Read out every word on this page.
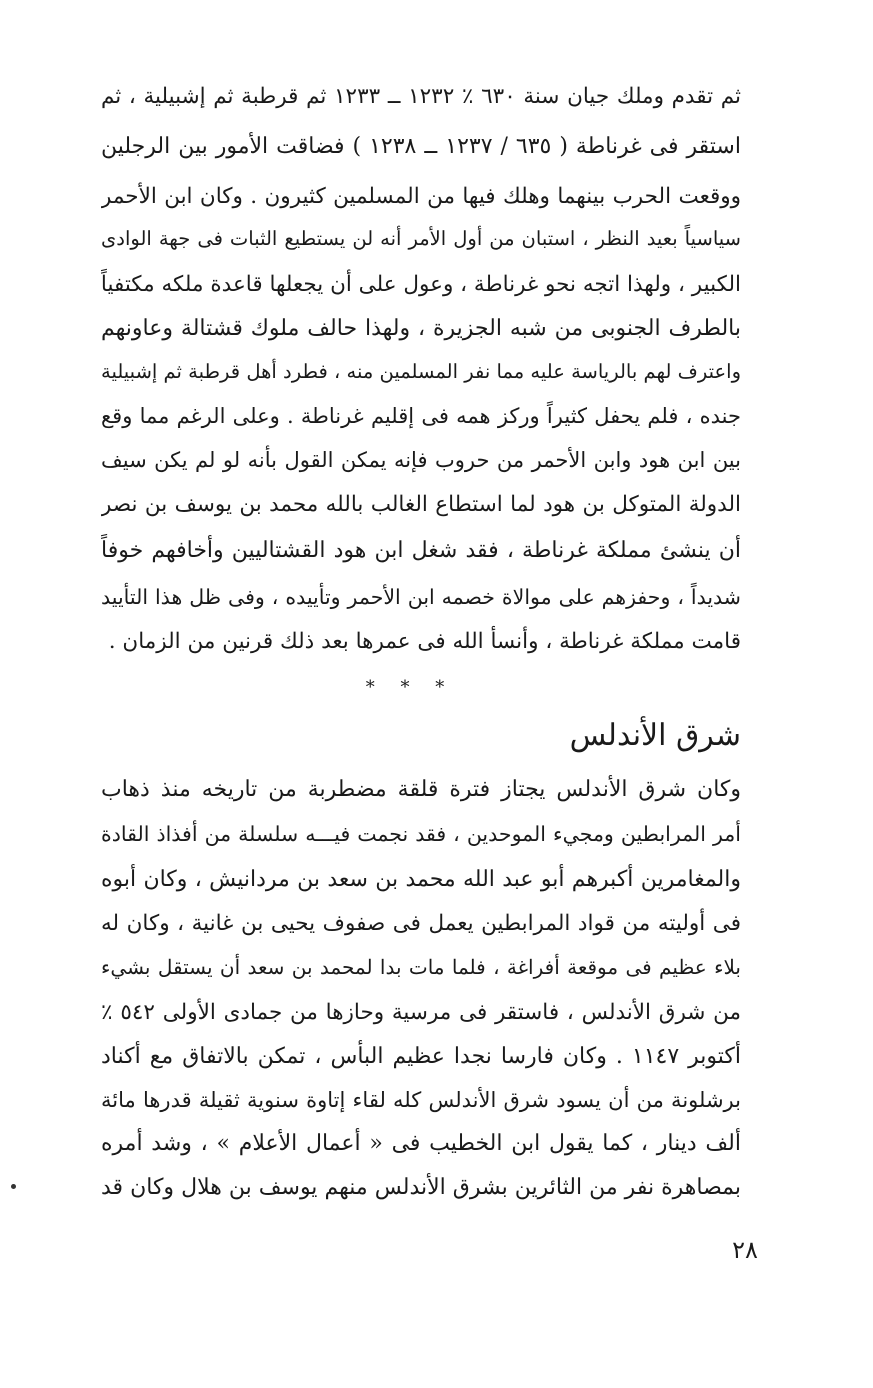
ثم تقدم وملك جيان سنة ٦٣٠ ٪ ١٢٣٢ ــ ١٢٣٣ ثم قرطبة ثم إشبيلية ، ثم
استقر فى غرناطة ( ٦٣٥ / ١٢٣٧ ــ ١٢٣٨ ) فضاقت الأمور بين الرجلين
ووقعت الحرب بينهما وهلك فيها من المسلمين كثيرون . وكان ابن الأحمر
سياسياً بعيد النظر ، استبان من أول الأمر أنه لن يستطيع الثبات فى جهة الوادى
الكبير ، ولهذا اتجه نحو غرناطة ، وعول على أن يجعلها قاعدة ملكه مكتفياً
بالطرف الجنوبى من شبه الجزيرة ، ولهذا حالف ملوك قشتالة وعاونهم
واعترف لهم بالرياسة عليه مما نفر المسلمين منه ، فطرد أهل قرطبة ثم إشبيلية
جنده ، فلم يحفل كثيراً وركز همه فى إقليم غرناطة . وعلى الرغم مما وقع
بين ابن هود وابن الأحمر من حروب فإنه يمكن القول بأنه لو لم يكن سيف
الدولة المتوكل بن هود لما استطاع الغالب بالله محمد بن يوسف بن نصر
أن ينشئ مملكة غرناطة ، فقد شغل ابن هود القشتاليين وأخافهم خوفاً
شديداً ، وحفزهم على موالاة خصمه ابن الأحمر وتأييده ، وفى ظل هذا التأييد
قامت مملكة غرناطة ، وأنسأ الله فى عمرها بعد ذلك قرنين من الزمان .
* * *
شرق الأندلس
وكان شرق الأندلس يجتاز فترة قلقة مضطربة من تاريخه منذ ذهاب
أمر المرابطين ومجيء الموحدين ، فقد نجمت فيـــه سلسلة من أفذاذ القادة
والمغامرين أكبرهم أبو عبد الله محمد بن سعد بن مردانيش ، وكان أبوه
فى أوليته من قواد المرابطين يعمل فى صفوف يحيى بن غانية ، وكان له
بلاء عظيم فى موقعة أفراغة ، فلما مات بدا لمحمد بن سعد أن يستقل بشيء
من شرق الأندلس ، فاستقر فى مرسية وحازها من جمادى الأولى ٥٤٢ ٪
أكتوبر ١١٤٧ . وكان فارسا نجدا عظيم البأس ، تمكن بالاتفاق مع أكناد
برشلونة من أن يسود شرق الأندلس كله لقاء إتاوة سنوية ثقيلة قدرها مائة
ألف دينار ، كما يقول ابن الخطيب فى « أعمال الأعلام » ، وشد أمره
بمصاهرة نفر من الثائرين بشرق الأندلس منهم يوسف بن هلال وكان قد
٢٨
